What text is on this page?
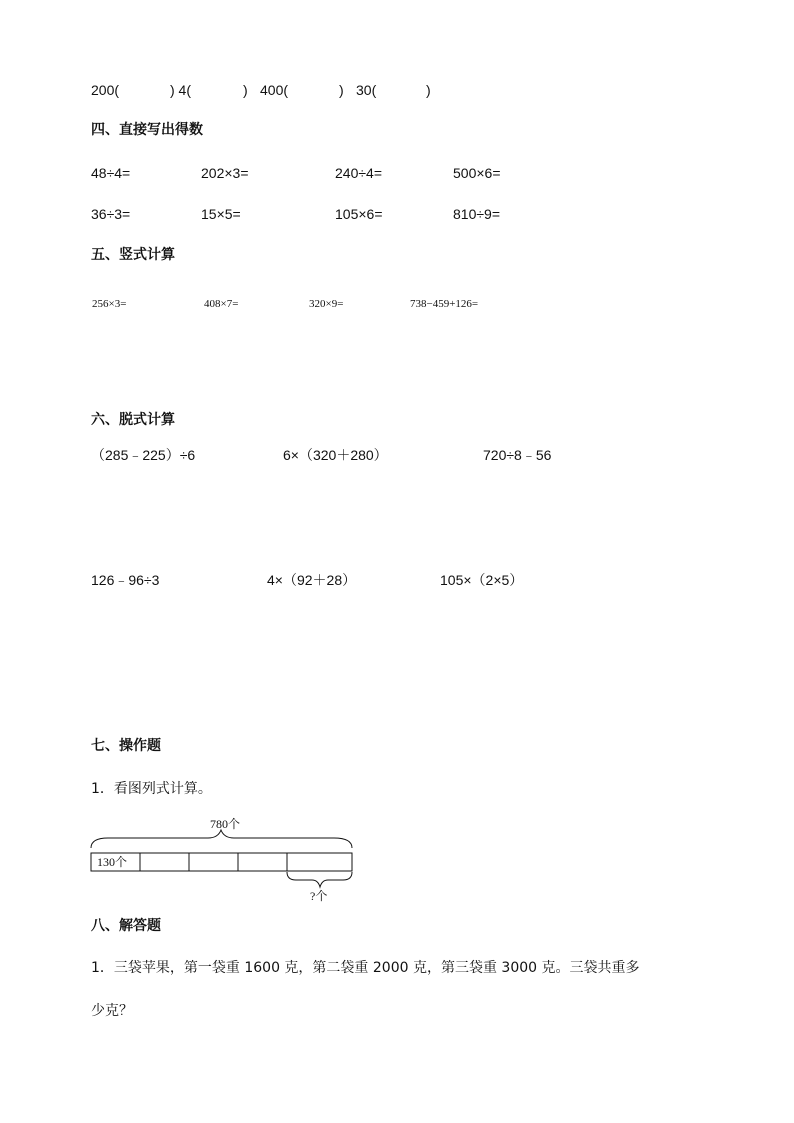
200(	) 4(	) 400(	) 30(	)
四、直接写出得数
48÷4=	202×3=	240÷4=	500×6=
36÷3=	15×5=	105×6=	810÷9=
五、竖式计算
256×3=	408×7=	320×9=	738−459+126=
六、脱式计算
（285﹣225）÷6	6×（320＋280）	720÷8﹣56
126﹣96÷3	4×（92＋28）	105×（2×5）
七、操作题
1．看图列式计算。
780个
130个
?个
八、解答题
1．三袋苹果，第一袋重 1600 克，第二袋重 2000 克，第三袋重 3000 克。三袋共重多
少克？
